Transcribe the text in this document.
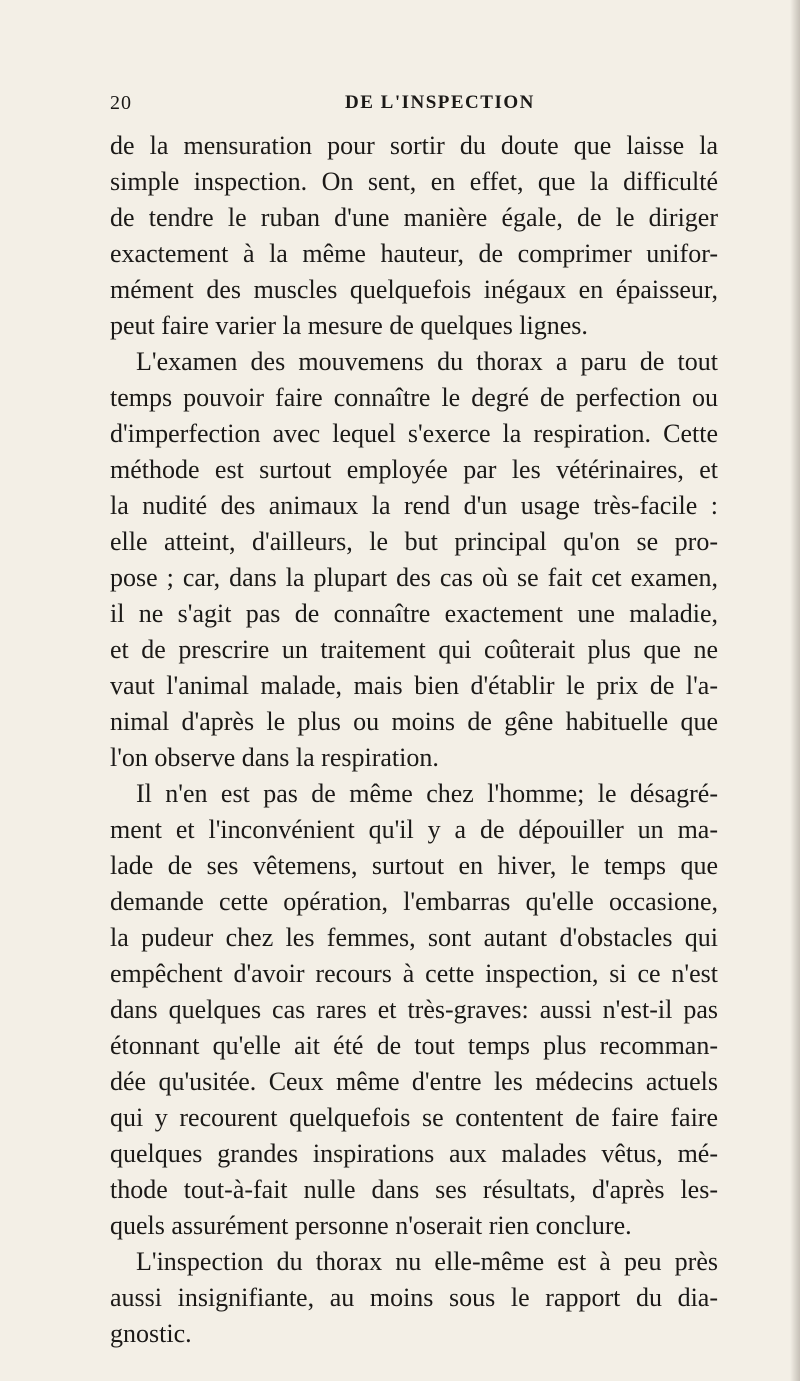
20	DE L'INSPECTION
de la mensuration pour sortir du doute que laisse la
simple inspection. On sent, en effet, que la difficulté
de tendre le ruban d'une manière égale, de le diriger
exactement à la même hauteur, de comprimer unifor-
mément des muscles quelquefois inégaux en épaisseur,
peut faire varier la mesure de quelques lignes.
L'examen des mouvemens du thorax a paru de tout
temps pouvoir faire connaître le degré de perfection ou
d'imperfection avec lequel s'exerce la respiration. Cette
méthode est surtout employée par les vétérinaires, et
la nudité des animaux la rend d'un usage très-facile :
elle atteint, d'ailleurs, le but principal qu'on se pro-
pose ; car, dans la plupart des cas où se fait cet examen,
il ne s'agit pas de connaître exactement une maladie,
et de prescrire un traitement qui coûterait plus que ne
vaut l'animal malade, mais bien d'établir le prix de l'a-
nimal d'après le plus ou moins de gêne habituelle que
l'on observe dans la respiration.
Il n'en est pas de même chez l'homme; le désagré-
ment et l'inconvénient qu'il y a de dépouiller un ma-
lade de ses vêtemens, surtout en hiver, le temps que
demande cette opération, l'embarras qu'elle occasione,
la pudeur chez les femmes, sont autant d'obstacles qui
empêchent d'avoir recours à cette inspection, si ce n'est
dans quelques cas rares et très-graves: aussi n'est-il pas
étonnant qu'elle ait été de tout temps plus recomman-
dée qu'usitée. Ceux même d'entre les médecins actuels
qui y recourent quelquefois se contentent de faire faire
quelques grandes inspirations aux malades vêtus, mé-
thode tout-à-fait nulle dans ses résultats, d'après les-
quels assurément personne n'oserait rien conclure.
L'inspection du thorax nu elle-même est à peu près
aussi insignifiante, au moins sous le rapport du dia-
gnostic.
